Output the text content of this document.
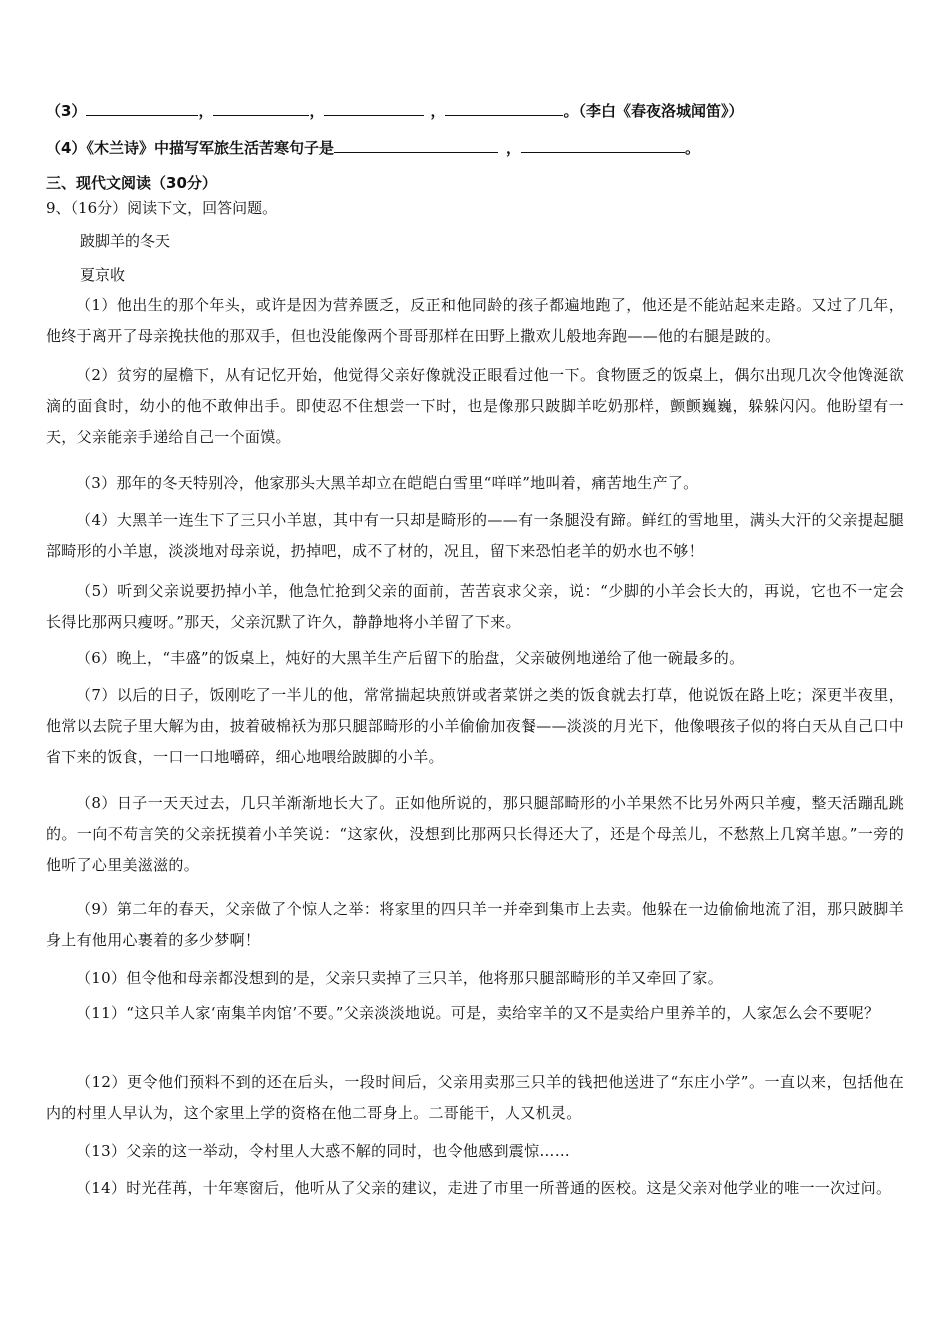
（3）	，	，	，	。（李白《春夜洛城闻笛》）
（4）《木兰诗》中描写军旅生活苦寒句子是	，	。
三、现代文阅读（30分）
9、（16分）阅读下文，回答问题。
跛脚羊的冬天
夏京收
（1）他出生的那个年头，或许是因为营养匮乏，反正和他同龄的孩子都遍地跑了，他还是不能站起来走路。又过了几年，他终于离开了母亲挽扶他的那双手，但也没能像两个哥哥那样在田野上撒欢儿般地奔跑——他的右腿是跛的。
（2）贫穷的屋檐下，从有记忆开始，他觉得父亲好像就没正眼看过他一下。食物匮乏的饭桌上，偶尔出现几次令他馋涎欲滴的面食时，幼小的他不敢伸出手。即使忍不住想尝一下时，也是像那只跛脚羊吃奶那样，颤颤巍巍，躲躲闪闪。他盼望有一天，父亲能亲手递给自己一个面馍。
（3）那年的冬天特别冷，他家那头大黑羊却立在皑皑白雪里“咩咩”地叫着，痛苦地生产了。
（4）大黑羊一连生下了三只小羊崽，其中有一只却是畸形的——有一条腿没有蹄。鲜红的雪地里，满头大汗的父亲提起腿部畸形的小羊崽，淡淡地对母亲说，扔掉吧，成不了材的，况且，留下来恐怕老羊的奶水也不够！
（5）听到父亲说要扔掉小羊，他急忙抢到父亲的面前，苦苦哀求父亲，说：“少脚的小羊会长大的，再说，它也不一定会长得比那两只瘦呀。”那天，父亲沉默了许久，静静地将小羊留了下来。
（6）晚上，“丰盛”的饭桌上，炖好的大黑羊生产后留下的胎盘，父亲破例地递给了他一碗最多的。
（7）以后的日子，饭刚吃了一半儿的他，常常揣起块煎饼或者菜饼之类的饭食就去打草，他说饭在路上吃；深更半夜里，他常以去院子里大解为由，披着破棉袄为那只腿部畸形的小羊偷偷加夜餐——淡淡的月光下，他像喂孩子似的将白天从自己口中省下来的饭食，一口一口地嚼碎，细心地喂给跛脚的小羊。
（8）日子一天天过去，几只羊渐渐地长大了。正如他所说的，那只腿部畸形的小羊果然不比另外两只羊瘦，整天活蹦乱跳的。一向不苟言笑的父亲抚摸着小羊笑说：“这家伙，没想到比那两只长得还大了，还是个母羔儿，不愁熬上几窝羊崽。”一旁的他听了心里美滋滋的。
（9）第二年的春天，父亲做了个惊人之举：将家里的四只羊一并牵到集市上去卖。他躲在一边偷偷地流了泪，那只跛脚羊身上有他用心裹着的多少梦啊！
（10）但令他和母亲都没想到的是，父亲只卖掉了三只羊，他将那只腿部畸形的羊又牵回了家。
（11）“这只羊人家‘南集羊肉馆’不要。”父亲淡淡地说。可是，卖给宰羊的又不是卖给户里养羊的，人家怎么会不要呢？
（12）更令他们预料不到的还在后头，一段时间后，父亲用卖那三只羊的钱把他送进了“东庄小学”。一直以来，包括他在内的村里人早认为，这个家里上学的资格在他二哥身上。二哥能干，人又机灵。
（13）父亲的这一举动，令村里人大惑不解的同时，也令他感到震惊……
（14）时光荏苒，十年寒窗后，他听从了父亲的建议，走进了市里一所普通的医校。这是父亲对他学业的唯一一次过问。
